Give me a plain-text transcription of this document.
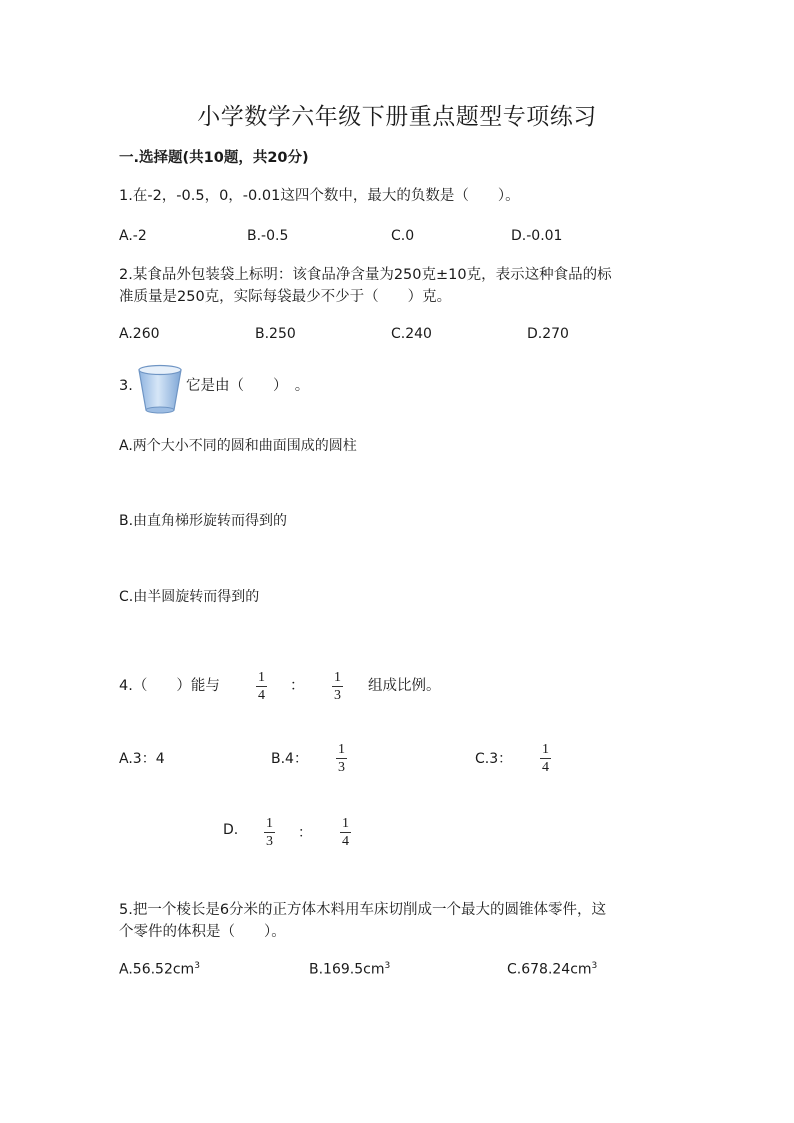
小学数学六年级下册重点题型专项练习
一.选择题(共10题，共20分)
1.在-2，-0.5，0，-0.01这四个数中，最大的负数是（　　）。
A.-2	B.-0.5	C.0	D.-0.01
2.某食品外包装袋上标明：该食品净含量为250克±10克，表示这种食品的标
准质量是250克，实际每袋最少不少于（　　）克。
A.260	B.250	C.240	D.270
3.	它是由（　　）　。
A.两个大小不同的圆和曲面围成的圆柱
B.由直角梯形旋转而得到的
C.由半圆旋转而得到的
4.（　　）能与
1
4
：
1
3
组成比例。
A.3：4	B.4：
1
3
C.3：
1
4
D. 1
3
：
1
4
5.把一个棱长是6分米的正方体木料用车床切削成一个最大的圆锥体零件，这
个零件的体积是（　　）。
$A.56.52cm^3$	$B.169.5cm^3$	$C.678.24cm^3$
